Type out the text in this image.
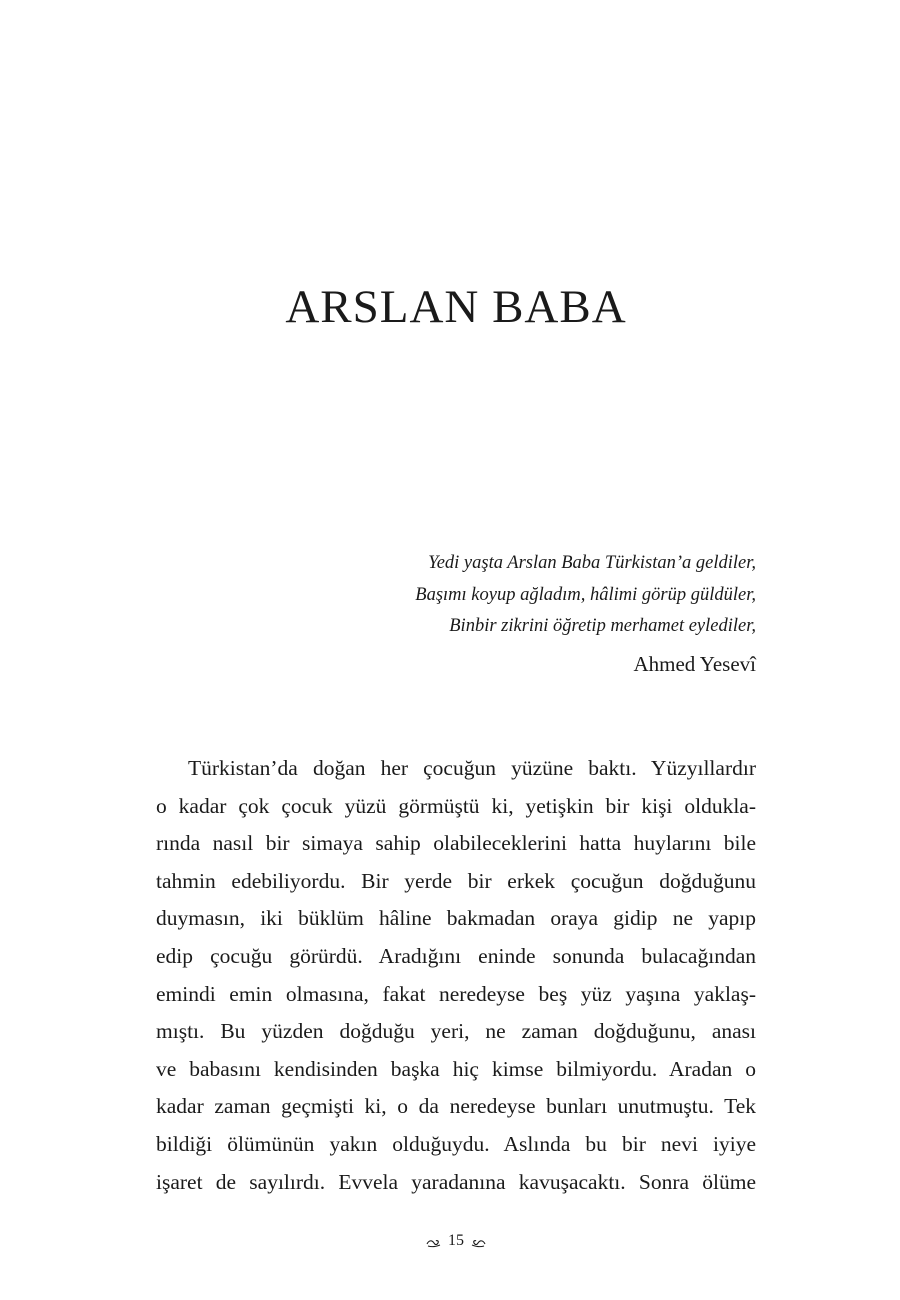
ARSLAN BABA
Yedi yaşta Arslan Baba Türkistan’a geldiler,
Başımı koyup ağladım, hâlimi görüp güldüler,
Binbir zikrini öğretip merhamet eylediler,
Ahmed Yesevî
Türkistan’da doğan her çocuğun yüzüne baktı. Yüzyıllardır
o kadar çok çocuk yüzü görmüştü ki, yetişkin bir kişi oldukla-
rında nasıl bir simaya sahip olabileceklerini hatta huylarını bile
tahmin edebiliyordu. Bir yerde bir erkek çocuğun doğduğunu
duymasın, iki büklüm hâline bakmadan oraya gidip ne yapıp
edip çocuğu görürdü. Aradığını eninde sonunda bulacağından
emindi emin olmasına, fakat neredeyse beş yüz yaşına yaklaş-
mıştı. Bu yüzden doğduğu yeri, ne zaman doğduğunu, anası
ve babasını kendisinden başka hiç kimse bilmiyordu. Aradan o
kadar zaman geçmişti ki, o da neredeyse bunları unutmuştu. Tek
bildiği ölümünün yakın olduğuydu. Aslında bu bir nevi iyiye
işaret de sayılırdı. Evvela yaradanına kavuşacaktı. Sonra ölüme
15
